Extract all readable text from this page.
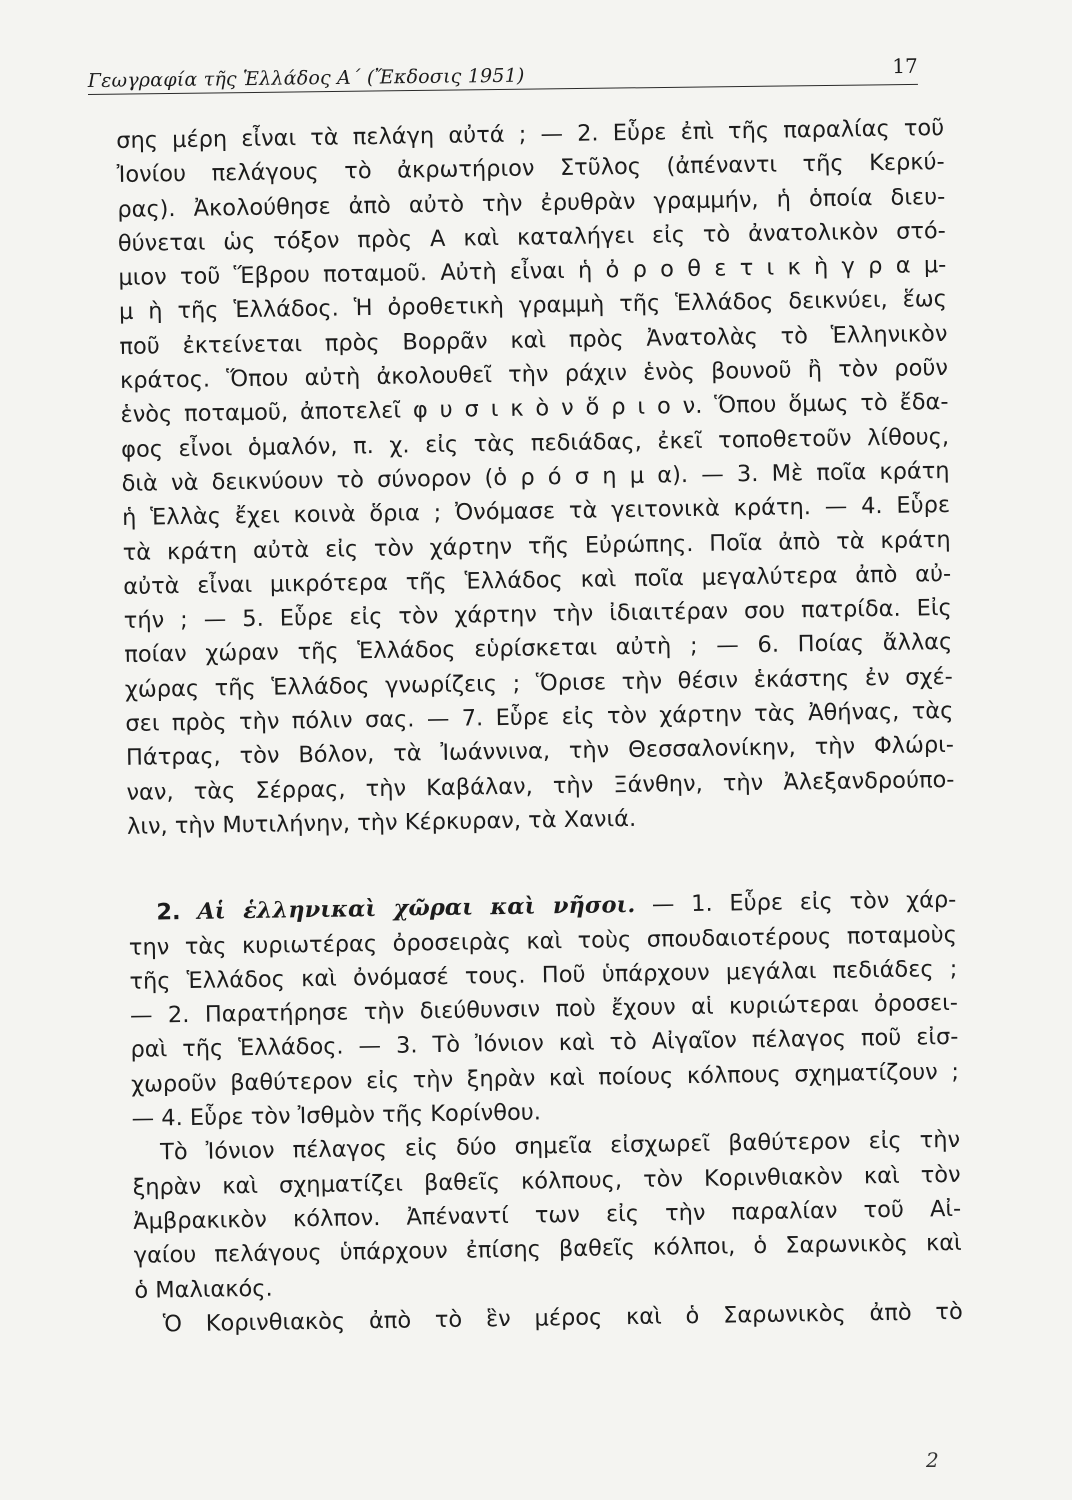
Γεωγραφία τῆς Ἑλλάδος Α΄ (Ἔκδοσις 1951)	17
σης μέρη εἶναι τὰ πελάγη αὐτά ; — 2. Εὗρε ἐπὶ τῆς παραλίας τοῦ
Ἰονίου πελάγους τὸ ἀκρωτήριον Στῦλος (ἀπέναντι τῆς Κερκύ-
ρας). Ἀκολούθησε ἀπὸ αὐτὸ τὴν ἐρυθρὰν γραμμήν, ἡ ὁποία διευ-
θύνεται ὡς τόξον πρὸς Α καὶ καταλήγει εἰς τὸ ἀνατολικὸν στό-
μιον τοῦ Ἕβρου ποταμοῦ. Αὐτὴ εἶναι ἡ ὀ ρ ο θ ε τ ι κ ὴ γ ρ α μ-
μ ὴ τῆς Ἑλλάδος. Ἡ ὀροθετικὴ γραμμὴ τῆς Ἑλλάδος δεικνύει, ἕως
ποῦ ἐκτείνεται πρὸς Βορρᾶν καὶ πρὸς Ἀνατολὰς τὸ Ἑλληνικὸν
κράτος. Ὅπου αὐτὴ ἀκολουθεῖ τὴν ράχιν ἑνὸς βουνοῦ ἢ τὸν ροῦν
ἑνὸς ποταμοῦ, ἀποτελεῖ φ υ σ ι κ ὸ ν ὅ ρ ι ο ν. Ὅπου ὅμως τὸ ἔδα-
φος εἶνοι ὁμαλόν, π. χ. εἰς τὰς πεδιάδας, ἐκεῖ τοποθετοῦν λίθους,
διὰ νὰ δεικνύουν τὸ σύνορον (ὁ ρ ό σ η μ α). — 3. Μὲ ποῖα κράτη
ἡ Ἑλλὰς ἔχει κοινὰ ὅρια ; Ὀνόμασε τὰ γειτονικὰ κράτη. — 4. Εὗρε
τὰ κράτη αὐτὰ εἰς τὸν χάρτην τῆς Εὐρώπης. Ποῖα ἀπὸ τὰ κράτη
αὐτὰ εἶναι μικρότερα τῆς Ἑλλάδος καὶ ποῖα μεγαλύτερα ἀπὸ αὐ-
τήν ; — 5. Εὗρε εἰς τὸν χάρτην τὴν ἰδιαιτέραν σου πατρίδα. Εἰς
ποίαν χώραν τῆς Ἑλλάδος εὑρίσκεται αὐτὴ ; — 6. Ποίας ἄλλας
χώρας τῆς Ἑλλάδος γνωρίζεις ; Ὅρισε τὴν θέσιν ἑκάστης ἐν σχέ-
σει πρὸς τὴν πόλιν σας. — 7. Εὗρε εἰς τὸν χάρτην τὰς Ἀθήνας, τὰς
Πάτρας, τὸν Βόλον, τὰ Ἰωάννινα, τὴν Θεσσαλονίκην, τὴν Φλώρι-
ναν, τὰς Σέρρας, τὴν Καβάλαν, τὴν Ξάνθην, τὴν Ἀλεξανδρούπο-
λιν, τὴν Μυτιλήνην, τὴν Κέρκυραν, τὰ Χανιά.
2. Αἱ ἑλληνικαὶ χῶραι καὶ νῆσοι. — 1. Εὗρε εἰς τὸν χάρ-
την τὰς κυριωτέρας ὀροσειρὰς καὶ τοὺς σπουδαιοτέρους ποταμοὺς
τῆς Ἑλλάδος καὶ ὀνόμασέ τους. Ποῦ ὑπάρχουν μεγάλαι πεδιάδες ;
— 2. Παρατήρησε τὴν διεύθυνσιν ποὺ ἔχουν αἱ κυριώτεραι ὀροσει-
ραὶ τῆς Ἑλλάδος. — 3. Τὸ Ἰόνιον καὶ τὸ Αἰγαῖον πέλαγος ποῦ εἰσ-
χωροῦν βαθύτερον εἰς τὴν ξηρὰν καὶ ποίους κόλπους σχηματίζουν ;
— 4. Εὗρε τὸν Ἰσθμὸν τῆς Κορίνθου.
Τὸ Ἰόνιον πέλαγος εἰς δύο σημεῖα εἰσχωρεῖ βαθύτερον εἰς τὴν
ξηρὰν καὶ σχηματίζει βαθεῖς κόλπους, τὸν Κορινθιακὸν καὶ τὸν
Ἀμβρακικὸν κόλπον. Ἀπέναντί των εἰς τὴν παραλίαν τοῦ Αἰ-
γαίου πελάγους ὑπάρχουν ἐπίσης βαθεῖς κόλποι, ὁ Σαρωνικὸς καὶ
ὁ Μαλιακός.
Ὁ Κορινθιακὸς ἀπὸ τὸ ἓν μέρος καὶ ὁ Σαρωνικὸς ἀπὸ τὸ
2
